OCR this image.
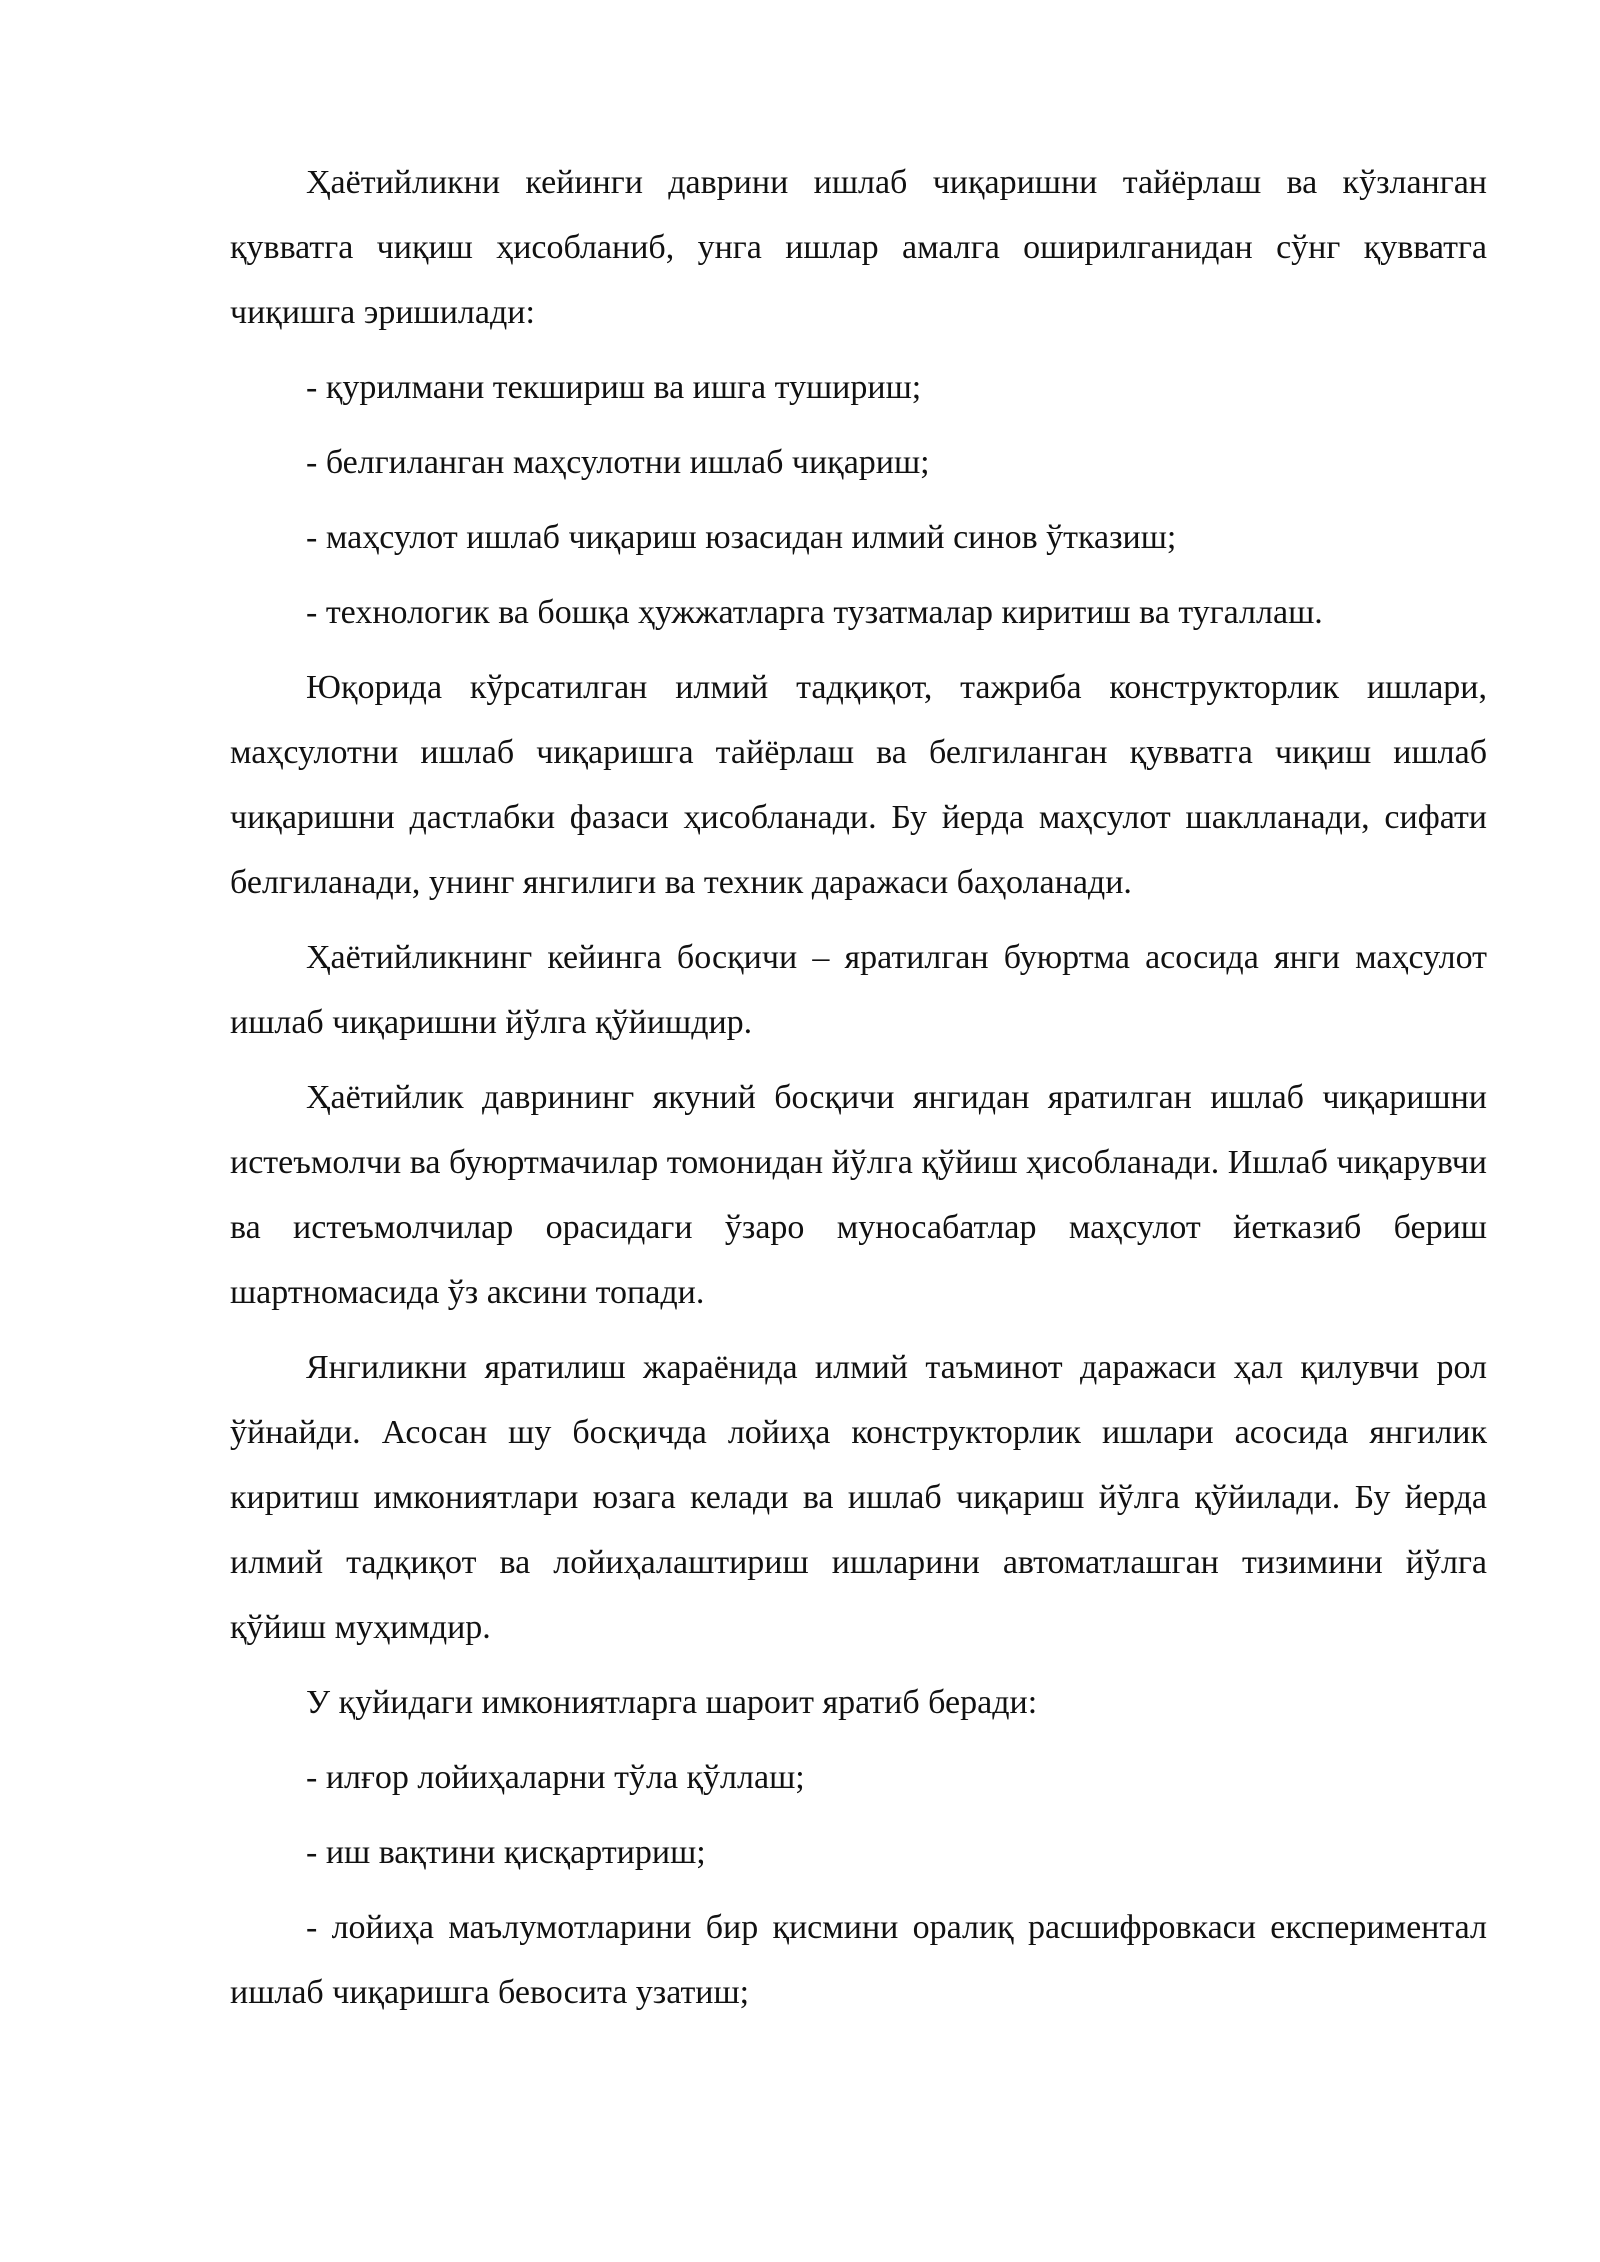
Ҳаётийликни кейинги даврини ишлаб чиқаришни тайёрлаш ва кўзланган қувватга чиқиш ҳисобланиб, унга ишлар амалга оширилганидан сўнг қувватга чиқишга эришилади:

- қурилмани текшириш ва ишга тушириш;

- белгиланган маҳсулотни ишлаб чиқариш;

- маҳсулот ишлаб чиқариш юзасидан илмий синов ўтказиш;

- технологик ва бошқа ҳужжатларга тузатмалар киритиш ва тугаллаш.

Юқорида кўрсатилган илмий тадқиқот, тажриба конструкторлик ишлари, маҳсулотни ишлаб чиқаришга тайёрлаш ва белгиланган қувватга чиқиш ишлаб чиқаришни дастлабки фазаси ҳисобланади. Бу йерда маҳсулот шаклланади, сифати белгиланади, унинг янгилиги ва техник даражаси баҳоланади.

Ҳаётийликнинг кейинга босқичи – яратилган буюртма асосида янги маҳсулот ишлаб чиқаришни йўлга қўйишдир.

Ҳаётийлик даврининг якуний босқичи янгидан яратилган ишлаб чиқаришни истеъмолчи ва буюртмачилар томонидан йўлга қўйиш ҳисобланади. Ишлаб чиқарувчи ва истеъмолчилар орасидаги ўзаро муносабатлар маҳсулот йетказиб бериш шартномасида ўз аксини топади.

Янгиликни яратилиш жараёнида илмий таъминот даражаси ҳал қилувчи рол ўйнайди. Асосан шу босқичда лойиҳа конструкторлик ишлари асосида янгилик киритиш имкониятлари юзага келади ва ишлаб чиқариш йўлга қўйилади. Бу йерда илмий тадқиқот ва лойиҳалаштириш ишларини автоматлашган тизимини йўлга қўйиш муҳимдир.

У қуйидаги имкониятларга шароит яратиб беради:

- илғор лойиҳаларни тўла қўллаш;

- иш вақтини қисқартириш;

- лойиҳа маълумотларини бир қисмини оралиқ расшифровкаси експериментал ишлаб чиқаришга бевосита узатиш;
